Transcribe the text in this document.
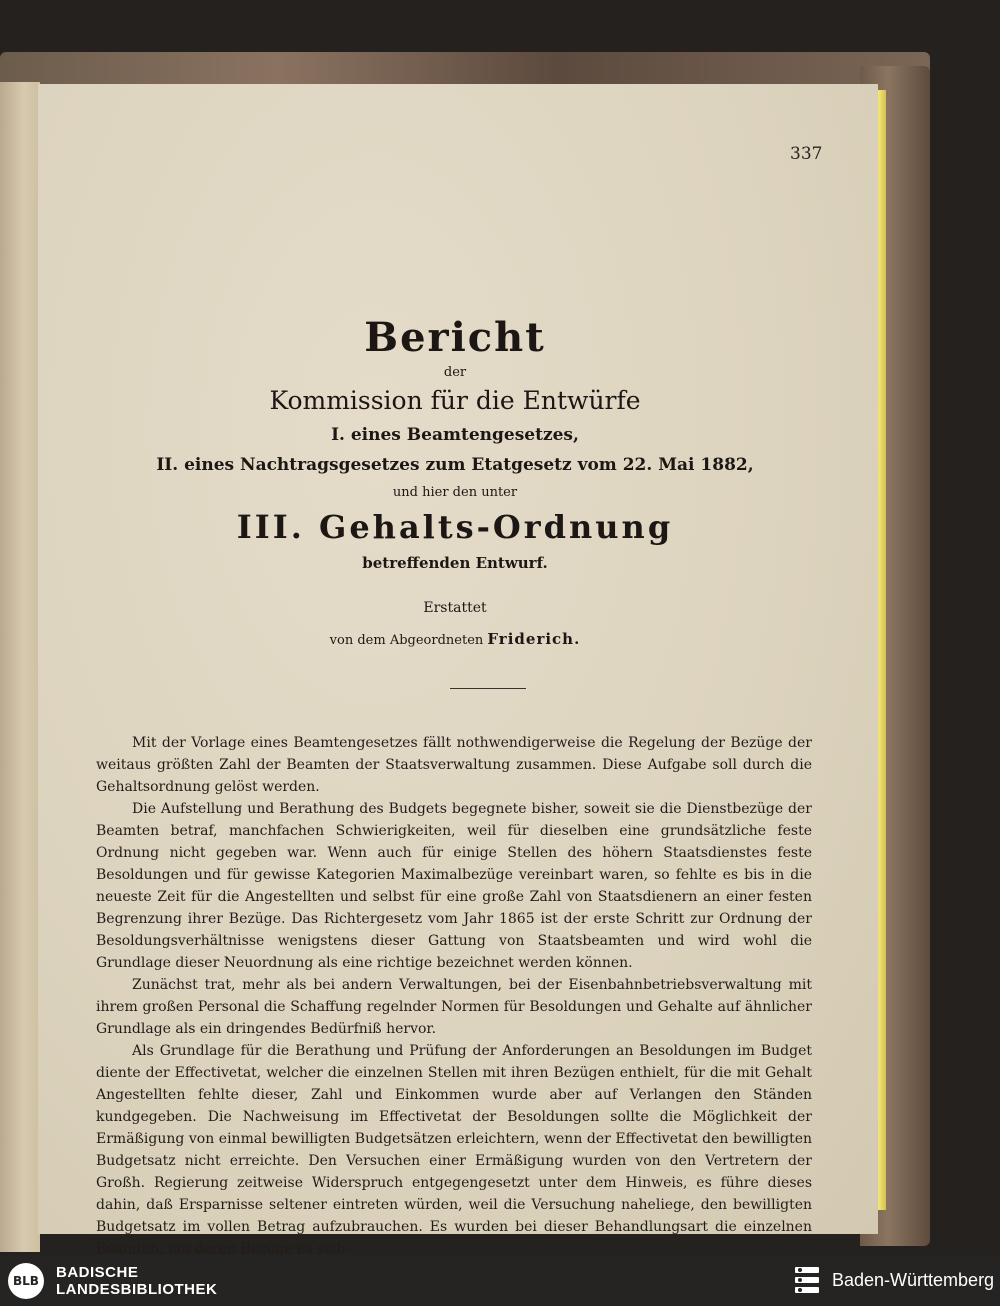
337

Bericht

der

Kommission für die Entwürfe

I. eines Beamtengesetzes,

II. eines Nachtragsgesetzes zum Etatgesetz vom 22. Mai 1882,

und hier den unter

III. Gehalts-Ordnung

betreffenden Entwurf.

Erstattet

von dem Abgeordneten Friderich.

Mit der Vorlage eines Beamtengesetzes fällt nothwendigerweise die Regelung der Bezüge der weitaus größten Zahl der Beamten der Staatsverwaltung zusammen. Diese Aufgabe soll durch die Gehaltsordnung gelöst werden.

Die Aufstellung und Berathung des Budgets begegnete bisher, soweit sie die Dienstbezüge der Beamten betraf, manchfachen Schwierigkeiten, weil für dieselben eine grundsätzliche feste Ordnung nicht gegeben war. Wenn auch für einige Stellen des höhern Staatsdienstes feste Besoldungen und für gewisse Kategorien Maximalbezüge vereinbart waren, so fehlte es bis in die neueste Zeit für die Angestellten und selbst für eine große Zahl von Staatsdienern an einer festen Begrenzung ihrer Bezüge. Das Richtergesetz vom Jahr 1865 ist der erste Schritt zur Ordnung der Besoldungsverhältnisse wenigstens dieser Gattung von Staatsbeamten und wird wohl die Grundlage dieser Neuordnung als eine richtige bezeichnet werden können.

Zunächst trat, mehr als bei andern Verwaltungen, bei der Eisenbahnbetriebsverwaltung mit ihrem großen Personal die Schaffung regelnder Normen für Besoldungen und Gehalte auf ähnlicher Grundlage als ein dringendes Bedürfniß hervor.

Als Grundlage für die Berathung und Prüfung der Anforderungen an Besoldungen im Budget diente der Effectivetat, welcher die einzelnen Stellen mit ihren Bezügen enthielt, für die mit Gehalt Angestellten fehlte dieser, Zahl und Einkommen wurde aber auf Verlangen den Ständen kundgegeben. Die Nachweisung im Effectivetat der Besoldungen sollte die Möglichkeit der Ermäßigung von einmal bewilligten Budgetsätzen erleichtern, wenn der Effectivetat den bewilligten Budgetsatz nicht erreichte. Den Versuchen einer Ermäßigung wurden von den Vertretern der Großh. Regierung zeitweise Widerspruch entgegengesetzt unter dem Hinweis, es führe dieses dahin, daß Ersparnisse seltener eintreten würden, weil die Versuchung naheliege, den bewilligten Budgetsatz im vollen Betrag aufzubrauchen. Es wurden bei dieser Behandlungsart die einzelnen Beamten, um deren Bezüge es sich

BLB	BADISCHE
LANDESBIBLIOTHEK	Baden-Württemberg
